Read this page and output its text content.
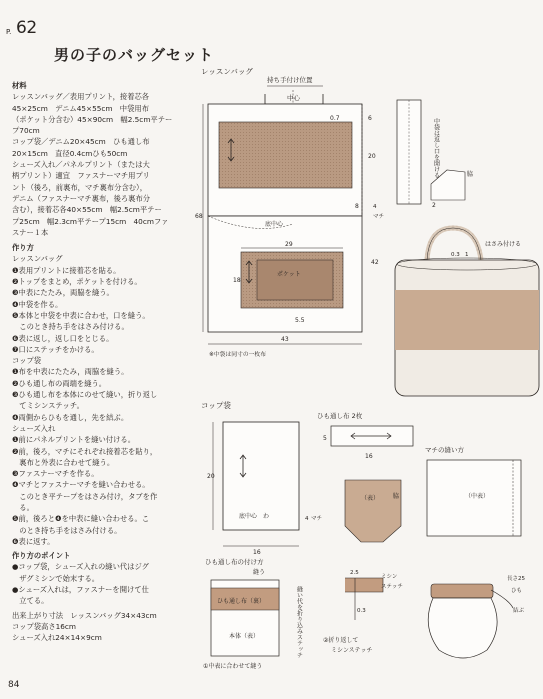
P. 62
男の子のバッグセット
材料
レッスンバッグ／表用プリント，接着芯各
45×25cm　デニム45×55cm　中袋用布
（ポケット分含む）45×90cm　幅2.5cm平テー
プ70cm
コップ袋／デニム20×45cm　ひも通し布
20×15cm　直径0.4cmひも50cm
シューズ入れ／パネルプリント（または大
柄プリント）適宜　ファスナーマチ用プリ
ント（後ろ，前裏布，マチ裏布分含む），
デニム（ファスナーマチ裏布，後ろ裏布分
含む），接着芯各40×55cm　幅2.5cm平テー
プ25cm　幅2.3cm平テープ15cm　40cmファ
スナー１本
作り方
レッスンバッグ
❶表用プリントに接着芯を貼る。
❷トップをまとめ，ポケットを付ける。
❸中表にたたみ，両脇を縫う。
❹中袋を作る。
❺本体と中袋を中表に合わせ，口を縫う。
　このとき持ち手をはさみ付ける。
❻表に返し，返し口をとじる。
❼口にステッチをかける。
コップ袋
❶布を中表にたたみ，両脇を縫う。
❷ひも通し布の両端を縫う。
❸ひも通し布を本体にのせて縫い，折り返し
　てミシンステッチ。
❹両側からひもを通し，先を結ぶ。
シューズ入れ
❶前にパネルプリントを縫い付ける。
❷前，後ろ，マチにそれぞれ接着芯を貼り，
　裏布と外表に合わせて縫う。
❸ファスナーマチを作る。
❹マチとファスナーマチを縫い合わせる。
　このとき平テープをはさみ付け，タブを作
　る。
❺前，後ろと❹を中表に縫い合わせる。こ
　のとき持ち手をはさみ付ける。
❻表に返す。
作り方のポイント
●コップ袋，シューズ入れの縫い代はジグ
　ザグミシンで始末する。
●シューズ入れは，ファスナーを開けて仕
　立てる。
出来上がり寸法　レッスンバッグ34×43cm
コップ袋高さ16cm
シューズ入れ24×14×9cm
84
レッスンバッグ
持ち手付け位置
中心
0.7	6
20
8
68
底中心
4
マチ
29
ポケット
18
5.5
42
43
※中袋は同寸の一枚布
中袋は返し口を開ける	脇
2
0.3 1
はさみ付ける
コップ袋
20
16
底中心　わ	4 マチ
ひも通し布 2枚
5
16
（表） 脇
マチの縫い方
（中表）
ひも通し布の付け方
縫う
ひも通し布（裏）
本体（表）
①中表に合わせて縫う
縫い代を折り込みステッチ
2.5
0.3
ミシン
ステッチ
②折り返して
ミシンステッチ
長さ25
ひも
結ぶ
